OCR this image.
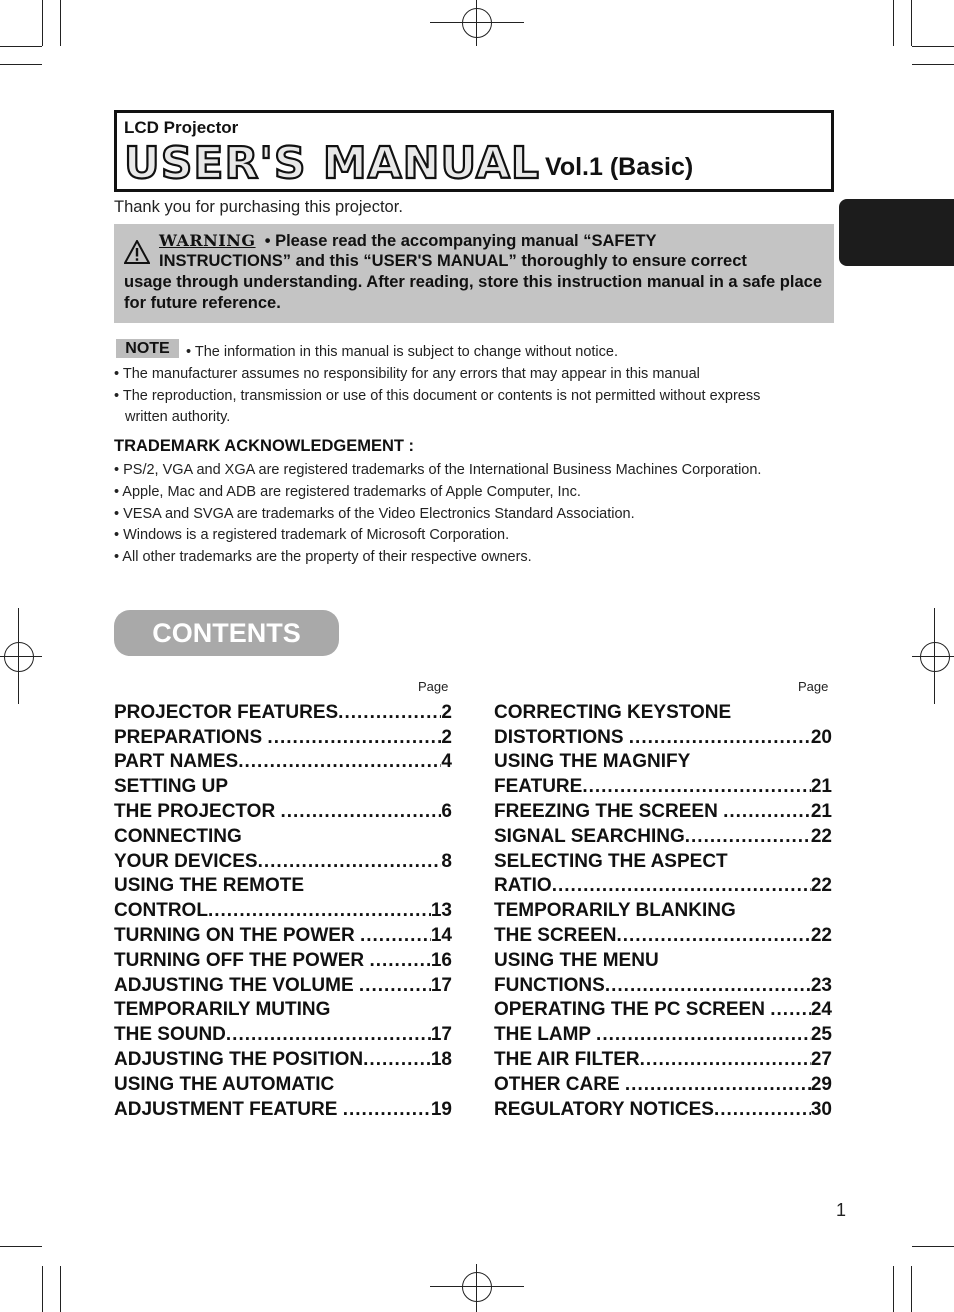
LCD Projector
USER'S MANUAL Vol.1 (Basic)
Thank you for purchasing this projector.
WARNING  • Please read the accompanying manual “SAFETY
INSTRUCTIONS” and this “USER'S MANUAL” thoroughly to ensure correct
usage through understanding. After reading, store this instruction manual in a safe place for future reference.
NOTE	• The information in this manual is subject to change without notice.
• The manufacturer assumes no responsibility for any errors that may appear in this manual
• The reproduction, transmission or use of this document or contents is not permitted without express
written authority.
TRADEMARK ACKNOWLEDGEMENT :
• PS/2, VGA and XGA are registered trademarks of the International Business Machines Corporation.
• Apple, Mac and ADB are registered trademarks of Apple Computer, Inc.
• VESA and SVGA are trademarks of the Video Electronics Standard Association.
• Windows is a registered trademark of Microsoft Corporation.
• All other trademarks are the property of their respective owners.
CONTENTS
Page	Page
PROJECTOR FEATURES .....	2
PREPARATIONS .....	2
PART NAMES .....	4
SETTING UP
THE PROJECTOR .....	6
CONNECTING
YOUR DEVICES .....	8
USING THE REMOTE
CONTROL .....	13
TURNING ON THE POWER .....	14
TURNING OFF THE POWER .....	16
ADJUSTING THE VOLUME .....	17
TEMPORARILY MUTING
THE SOUND .....	17
ADJUSTING THE POSITION .....	18
USING THE AUTOMATIC
ADJUSTMENT FEATURE .....	19
CORRECTING KEYSTONE
DISTORTIONS .....	20
USING THE MAGNIFY
FEATURE .....	21
FREEZING THE SCREEN .....	21
SIGNAL SEARCHING .....	22
SELECTING THE ASPECT
RATIO .....	22
TEMPORARILY BLANKING
THE SCREEN .....	22
USING THE MENU
FUNCTIONS .....	23
OPERATING THE PC SCREEN ..... 24
THE LAMP .....	25
THE AIR FILTER .....	27
OTHER CARE .....	29
REGULATORY NOTICES .....	30
1
